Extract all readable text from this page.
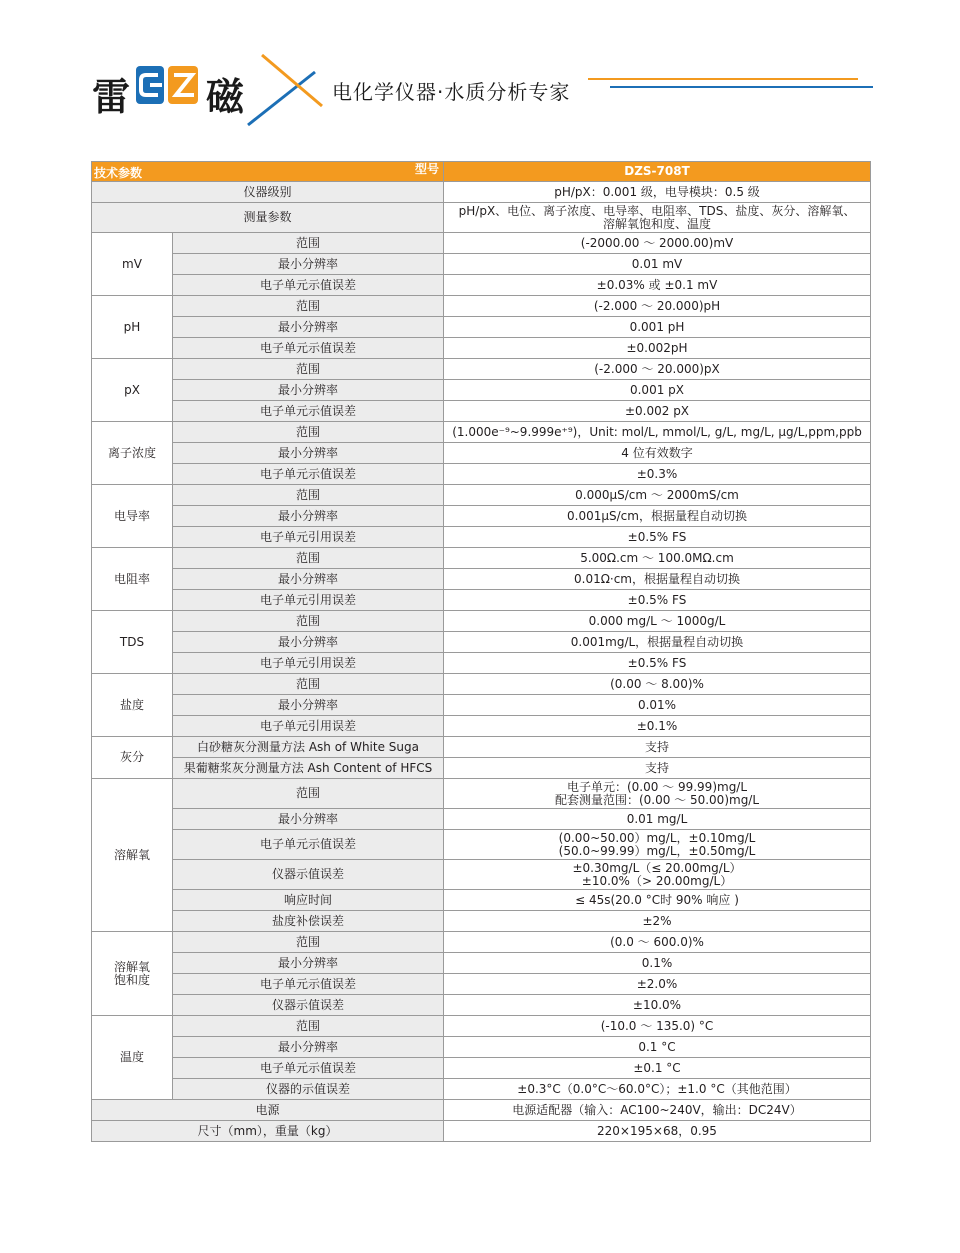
雷 磁	电化学仪器·水质分析专家
技术参数 型号		DZS-708T
仪器级别		pH/pX：0.001 级，电导模块：0.5 级

测量参数		pH/pX、电位、离子浓度、电导率、电阻率、TDS、盐度、灰分、溶解氧、
溶解氧饱和度、温度

mV	范围	(-2000.00 ～ 2000.00)mV

	最小分辨率	0.01 mV

	电子单元示值误差	±0.03% 或 ±0.1 mV

pH	范围	(-2.000 ～ 20.000)pH

	最小分辨率	0.001 pH

	电子单元示值误差	±0.002pH

pX	范围	(-2.000 ～ 20.000)pX

	最小分辨率	0.001 pX

	电子单元示值误差	±0.002 pX

离子浓度	范围	(1.000e⁻⁹~9.999e⁺⁹)，Unit: mol/L, mmol/L, g/L, mg/L, µg/L,ppm,ppb

	最小分辨率	4 位有效数字

	电子单元示值误差	±0.3%

电导率	范围	0.000µS/cm ～ 2000mS/cm

	最小分辨率	0.001µS/cm，根据量程自动切换

	电子单元引用误差	±0.5% FS

电阻率	范围	5.00Ω.cm ～ 100.0MΩ.cm

	最小分辨率	0.01Ω·cm，根据量程自动切换

	电子单元引用误差	±0.5% FS

TDS	范围	0.000 mg/L ～ 1000g/L

	最小分辨率	0.001mg/L，根据量程自动切换

	电子单元引用误差	±0.5% FS

盐度	范围	(0.00 ～ 8.00)%

	最小分辨率	0.01%

	电子单元引用误差	±0.1%

灰分	白砂糖灰分测量方法 Ash of White Suga	支持

	果葡糖浆灰分测量方法 Ash Content of HFCS	支持

溶解氧	范围	电子单元：(0.00 ～ 99.99)mg/L
配套测量范围：(0.00 ～ 50.00)mg/L

	最小分辨率	0.01 mg/L

	电子单元示值误差	(0.00~50.00）mg/L，±0.10mg/L
(50.0~99.99）mg/L，±0.50mg/L

	仪器示值误差	±0.30mg/L（≤ 20.00mg/L）
±10.0%（> 20.00mg/L）

	响应时间	≤ 45s(20.0 °C时 90% 响应 )

	盐度补偿误差	±2%

溶解氧
饱和度	范围	(0.0 ～ 600.0)%

	最小分辨率	0.1%

	电子单元示值误差	±2.0%

	仪器示值误差	±10.0%

温度	范围	(-10.0 ～ 135.0) °C

	最小分辨率	0.1 °C

	电子单元示值误差	±0.1 °C

	仪器的示值误差	±0.3°C（0.0°C～60.0°C）；±1.0 °C（其他范围）

电源		电源适配器（输入：AC100~240V，输出：DC24V）

尺寸（mm），重量（kg）		220×195×68，0.95
